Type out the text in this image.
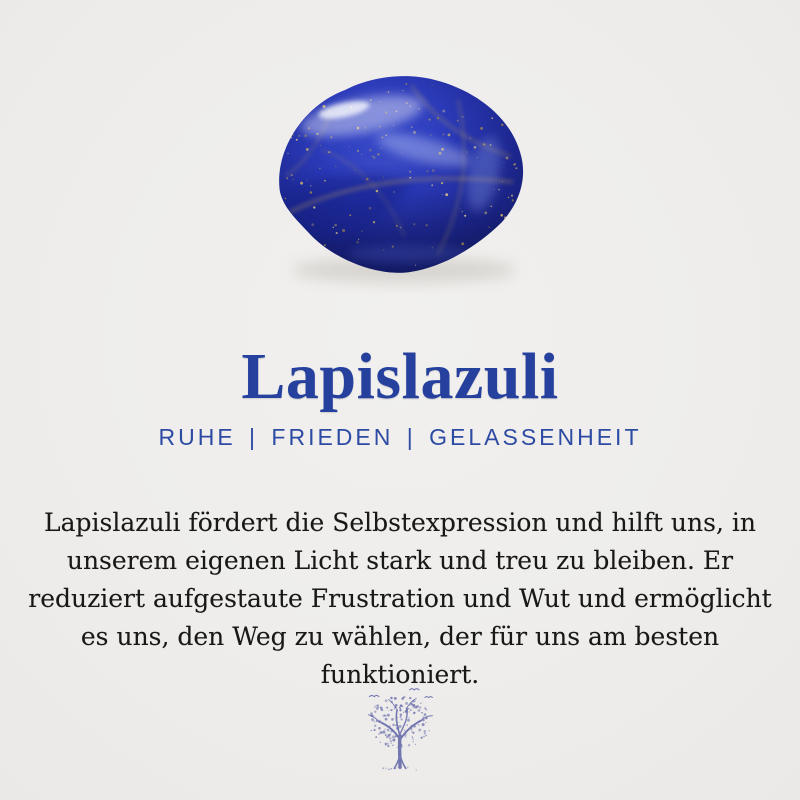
Lapislazuli
RUHE | FRIEDEN | GELASSENHEIT

Lapislazuli fördert die Selbstexpression und hilft uns, in unserem eigenen Licht stark und treu zu bleiben. Er reduziert aufgestaute Frustration und Wut und ermöglicht es uns, den Weg zu wählen, der für uns am besten funktioniert.
